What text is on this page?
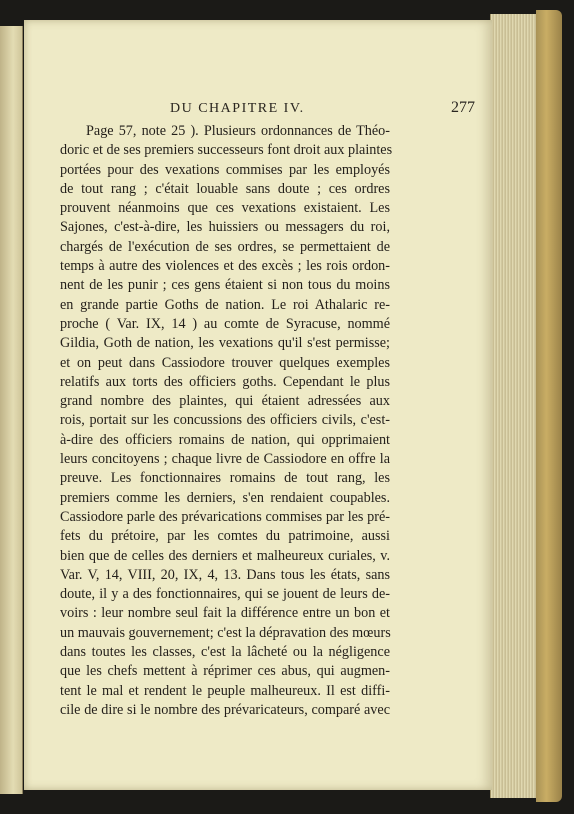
DU CHAPITRE IV.	277
Page 57, note 25 ). Plusieurs ordonnances de Théo-
doric et de ses premiers successeurs font droit aux plaintes
portées pour des vexations commises par les employés
de tout rang ; c'était louable sans doute ; ces ordres
prouvent néanmoins que ces vexations existaient. Les
Sajones, c'est-à-dire, les huissiers ou messagers du roi,
chargés de l'exécution de ses ordres, se permettaient de
temps à autre des violences et des excès ; les rois ordon-
nent de les punir ; ces gens étaient si non tous du moins
en grande partie Goths de nation. Le roi Athalaric re-
proche ( Var. IX, 14 ) au comte de Syracuse, nommé
Gildia, Goth de nation, les vexations qu'il s'est permisse;
et on peut dans Cassiodore trouver quelques exemples
relatifs aux torts des officiers goths. Cependant le plus
grand nombre des plaintes, qui étaient adressées aux
rois, portait sur les concussions des officiers civils, c'est-
à-dire des officiers romains de nation, qui opprimaient
leurs concitoyens ; chaque livre de Cassiodore en offre la
preuve. Les fonctionnaires romains de tout rang, les
premiers comme les derniers, s'en rendaient coupables.
Cassiodore parle des prévarications commises par les pré-
fets du prétoire, par les comtes du patrimoine, aussi
bien que de celles des derniers et malheureux curiales, v.
Var. V, 14, VIII, 20, IX, 4, 13. Dans tous les états, sans
doute, il y a des fonctionnaires, qui se jouent de leurs de-
voirs : leur nombre seul fait la différence entre un bon et
un mauvais gouvernement; c'est la dépravation des mœurs
dans toutes les classes, c'est la lâcheté ou la négligence
que les chefs mettent à réprimer ces abus, qui augmen-
tent le mal et rendent le peuple malheureux. Il est diffi-
cile de dire si le nombre des prévaricateurs, comparé avec
